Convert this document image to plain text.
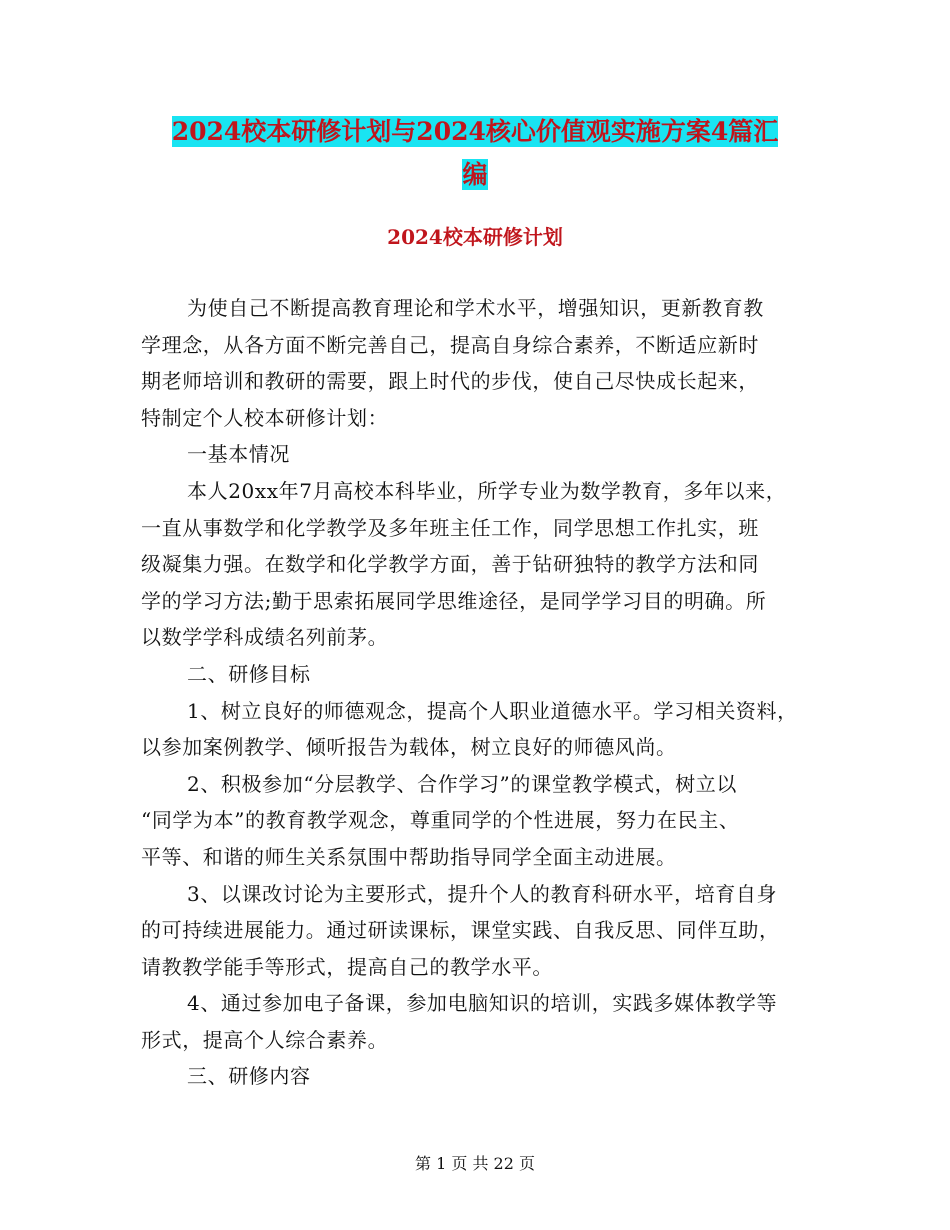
2024校本研修计划与2024核心价值观实施方案4篇汇
编
2024校本研修计划
为使自己不断提高教育理论和学术水平，增强知识，更新教育教
学理念，从各方面不断完善自己，提高自身综合素养，不断适应新时
期老师培训和教研的需要，跟上时代的步伐，使自己尽快成长起来，
特制定个人校本研修计划：
一基本情况
本人20xx年7月高校本科毕业，所学专业为数学教育，多年以来，
一直从事数学和化学教学及多年班主任工作，同学思想工作扎实，班
级凝集力强。在数学和化学教学方面，善于钻研独特的教学方法和同
学的学习方法;勤于思索拓展同学思维途径，是同学学习目的明确。所
以数学学科成绩名列前茅。
二、研修目标
1、树立良好的师德观念，提高个人职业道德水平。学习相关资料，
以参加案例教学、倾听报告为载体，树立良好的师德风尚。
2、积极参加“分层教学、合作学习”的课堂教学模式，树立以
“同学为本”的教育教学观念，尊重同学的个性进展，努力在民主、
平等、和谐的师生关系氛围中帮助指导同学全面主动进展。
3、以课改讨论为主要形式，提升个人的教育科研水平，培育自身
的可持续进展能力。通过研读课标，课堂实践、自我反思、同伴互助，
请教教学能手等形式，提高自己的教学水平。
4、通过参加电子备课，参加电脑知识的培训，实践多媒体教学等
形式，提高个人综合素养。
三、研修内容
第 1 页 共 22 页
